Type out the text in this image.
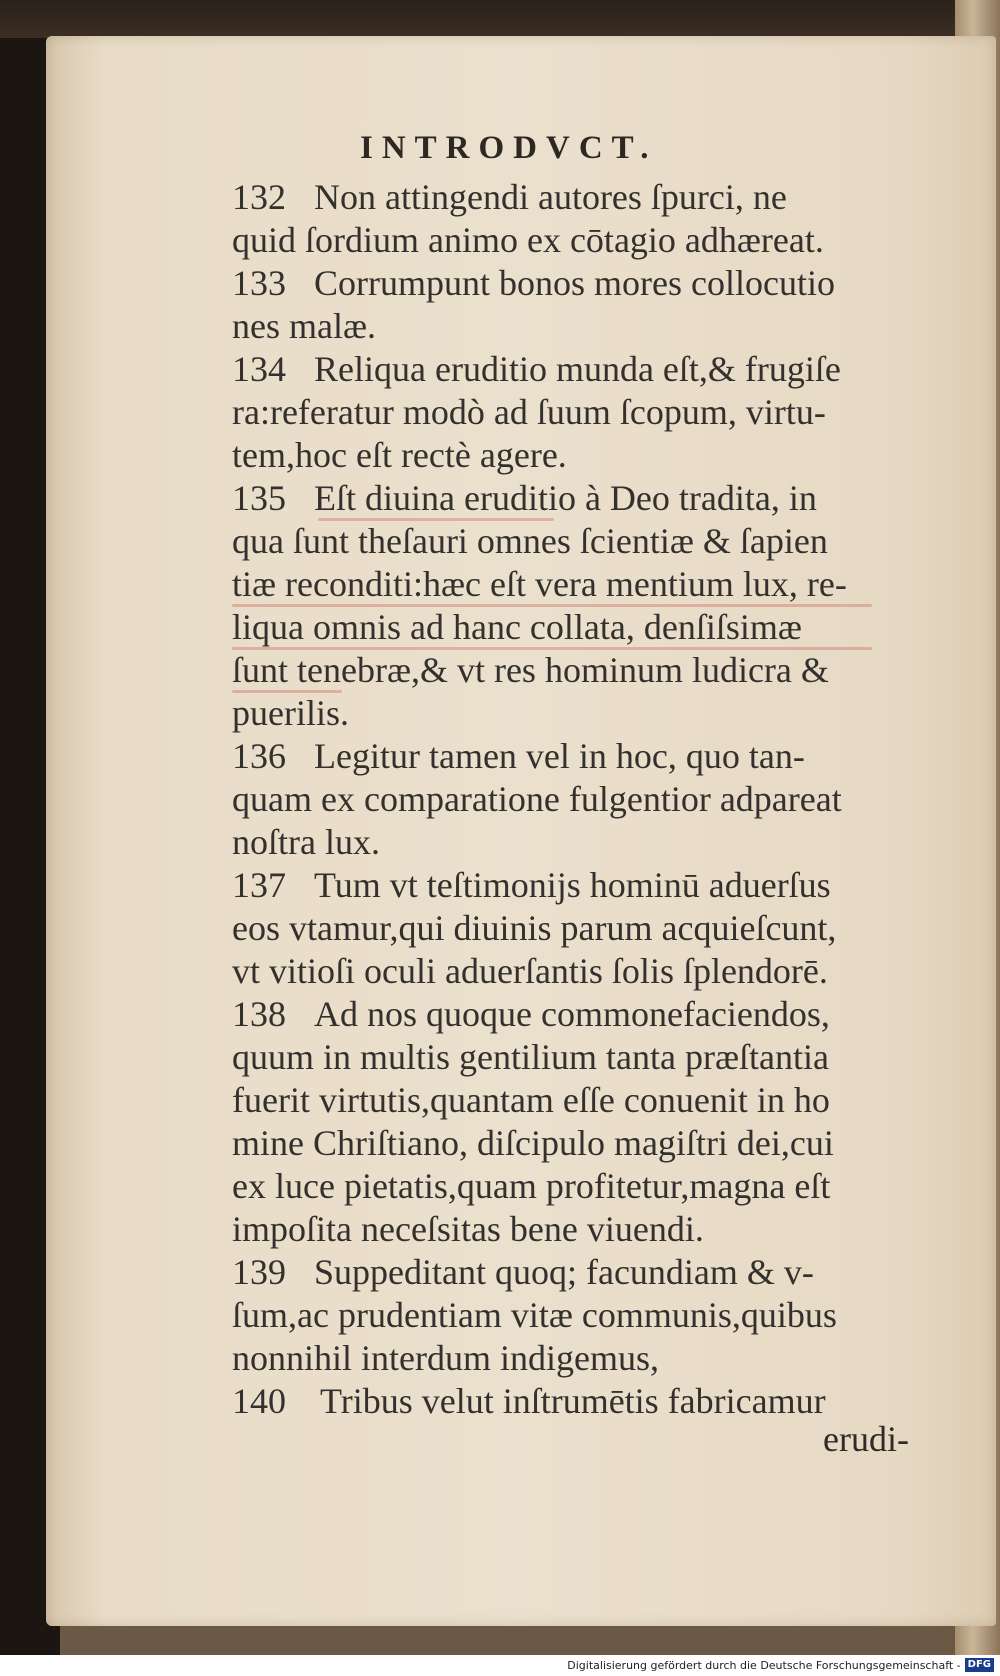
INTRODVCT.
132 Non attingendi autores ſpurci, ne
quid ſordium animo ex cōtagio adhæreat.
133 Corrumpunt bonos mores collocutio
nes malæ.
134 Reliqua eruditio munda eſt,& frugiſe
ra:referatur modò ad ſuum ſcopum, virtu-
tem,hoc eſt rectè agere.
135 Eſt diuina eruditio à Deo tradita, in
qua ſunt theſauri omnes ſcientiæ & ſapien
tiæ reconditi:hæc eſt vera mentium lux, re-
liqua omnis ad hanc collata, denſiſsimæ
ſunt tenebræ,& vt res hominum ludicra &
puerilis.
136 Legitur tamen vel in hoc, quo tan-
quam ex comparatione fulgentior adpareat
noſtra lux.
137 Tum vt teſtimonijs hominū aduerſus
eos vtamur,qui diuinis parum acquieſcunt,
vt vitioſi oculi aduerſantis ſolis ſplendorē.
138 Ad nos quoque commonefaciendos,
quum in multis gentilium tanta præſtantia
fuerit virtutis,quantam eſſe conuenit in ho
mine Chriſtiano, diſcipulo magiſtri dei,cui
ex luce pietatis,quam profitetur,magna eſt
impoſita neceſsitas bene viuendi.
139 Suppeditant quoq; facundiam & v-
ſum,ac prudentiam vitæ communis,quibus
nonnihil interdum indigemus,
140 Tribus velut inſtrumētis fabricamur
erudi-
Digitalisierung gefördert durch die Deutsche Forschungsgemeinschaft - DFG
